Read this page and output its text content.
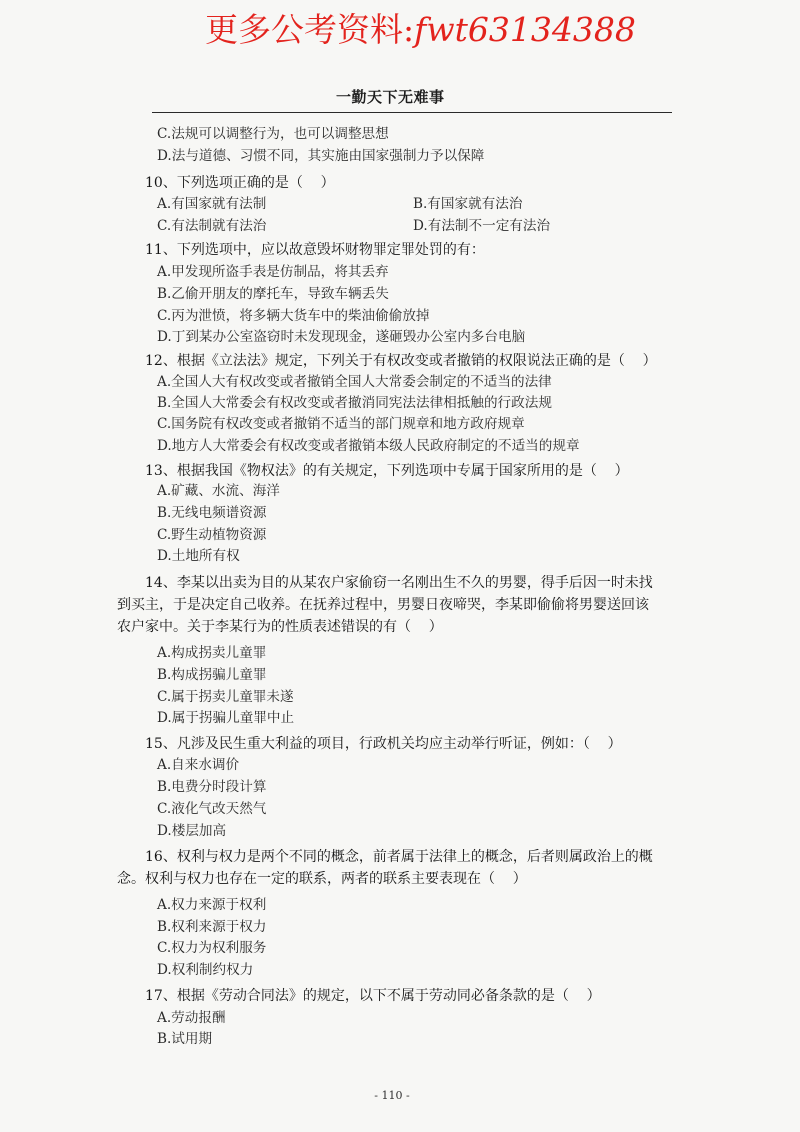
更多公考资料:fwt63134388
一勤天下无难事
C.法规可以调整行为，也可以调整思想
D.法与道德、习惯不同，其实施由国家强制力予以保障
10、下列选项正确的是（    ）
A.有国家就有法制	B.有国家就有法治
C.有法制就有法治	D.有法制不一定有法治
11、下列选项中，应以故意毁坏财物罪定罪处罚的有：
A.甲发现所盗手表是仿制品，将其丢弃
B.乙偷开朋友的摩托车，导致车辆丢失
C.丙为泄愤，将多辆大货车中的柴油偷偷放掉
D.丁到某办公室盗窃时未发现现金，遂砸毁办公室内多台电脑
12、根据《立法法》规定，下列关于有权改变或者撤销的权限说法正确的是（    ）
A.全国人大有权改变或者撤销全国人大常委会制定的不适当的法律
B.全国人大常委会有权改变或者撤消同宪法法律相抵触的行政法规
C.国务院有权改变或者撤销不适当的部门规章和地方政府规章
D.地方人大常委会有权改变或者撤销本级人民政府制定的不适当的规章
13、根据我国《物权法》的有关规定，下列选项中专属于国家所用的是（    ）
A.矿藏、水流、海洋
B.无线电频谱资源
C.野生动植物资源
D.土地所有权
14、李某以出卖为目的从某农户家偷窃一名刚出生不久的男婴，得手后因一时未找
到买主，于是决定自己收养。在抚养过程中，男婴日夜啼哭，李某即偷偷将男婴送回该
农户家中。关于李某行为的性质表述错误的有（    ）
A.构成拐卖儿童罪
B.构成拐骗儿童罪
C.属于拐卖儿童罪未遂
D.属于拐骗儿童罪中止
15、凡涉及民生重大利益的项目，行政机关均应主动举行听证，例如：（    ）
A.自来水调价
B.电费分时段计算
C.液化气改天然气
D.楼层加高
16、权利与权力是两个不同的概念，前者属于法律上的概念，后者则属政治上的概
念。权利与权力也存在一定的联系，两者的联系主要表现在（    ）
A.权力来源于权利
B.权利来源于权力
C.权力为权利服务
D.权利制约权力
17、根据《劳动合同法》的规定，以下不属于劳动同必备条款的是（    ）
A.劳动报酬
B.试用期
- 110 -
